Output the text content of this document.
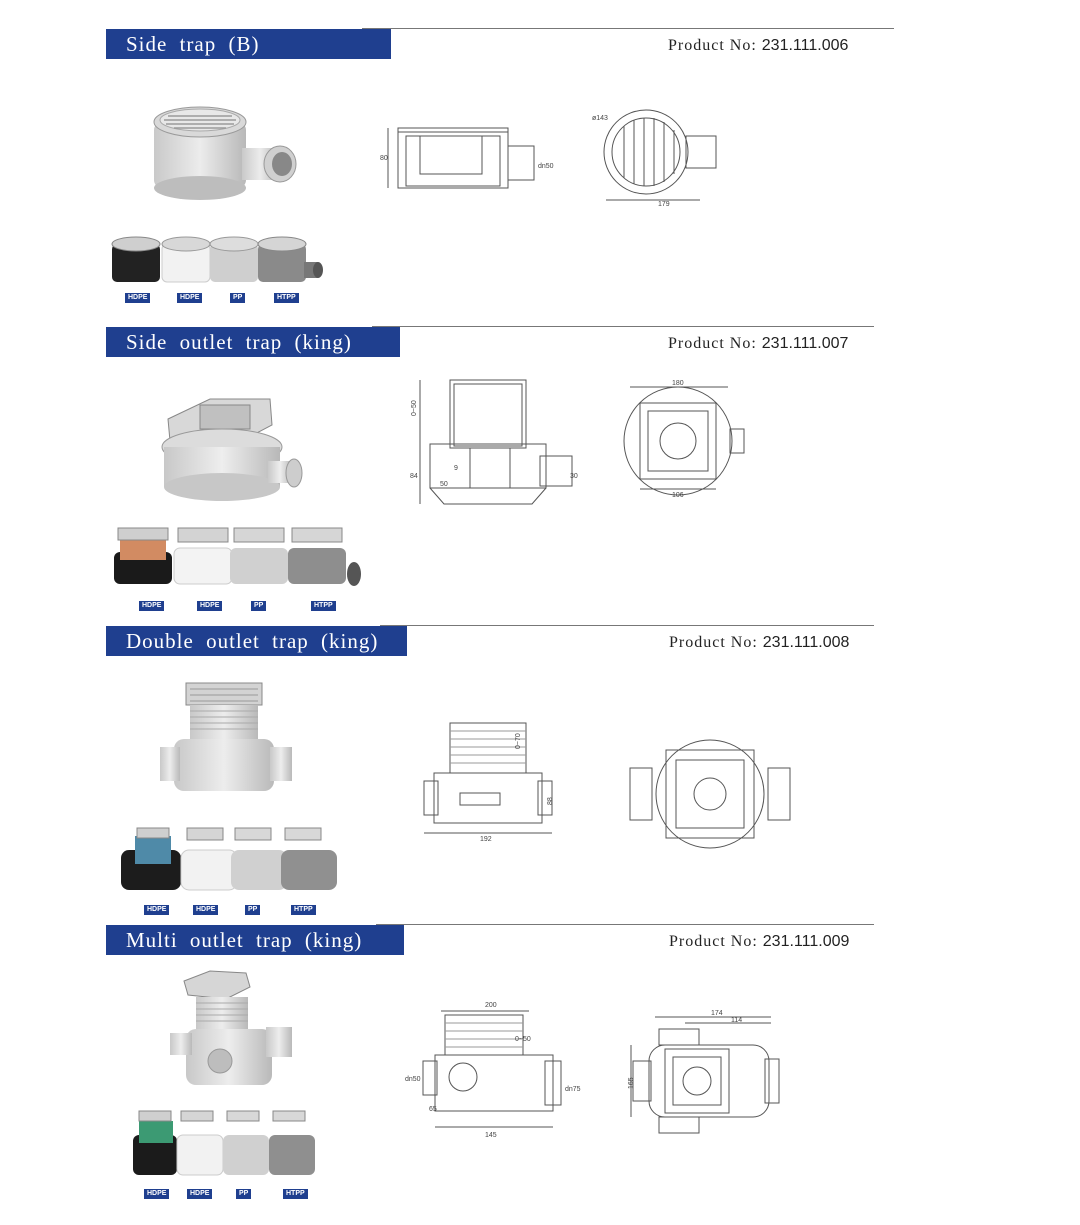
Side trap (B)	Product No: 231.111.006
HDPE	HDPE	PP	HTPP
80
dn50
ø143
179
Side outlet trap (king)	Product No: 231.111.007
HDPE	HDPE	PP	HTPP
0~50
84
9
50
30
180
106
Double outlet trap (king)	Product No: 231.111.008
HDPE	HDPE	PP	HTPP
0~70
88
192
Multi outlet trap (king)	Product No: 231.111.009
HDPE	HDPE	PP	HTPP
200
0~50
dn50
dn75
65
145
174
114
165
